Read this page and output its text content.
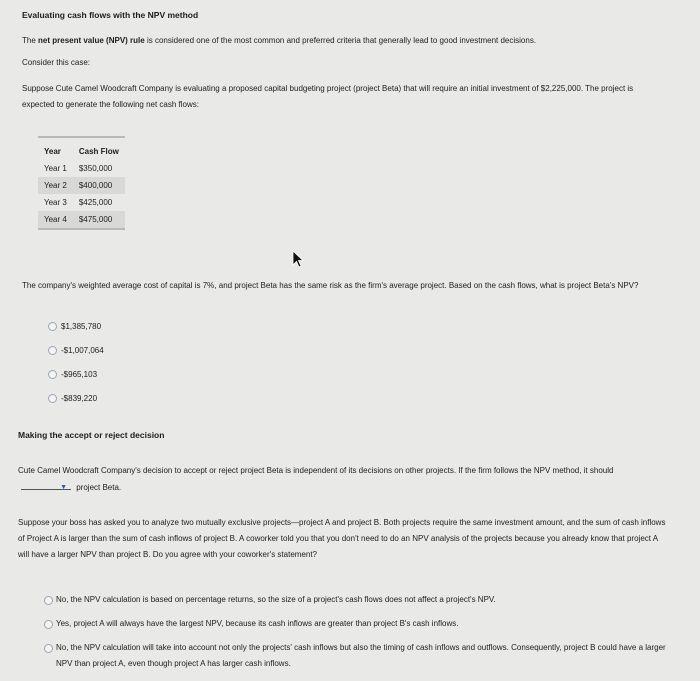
Evaluating cash flows with the NPV method
The net present value (NPV) rule is considered one of the most common and preferred criteria that generally lead to good investment decisions.
Consider this case:
Suppose Cute Camel Woodcraft Company is evaluating a proposed capital budgeting project (project Beta) that will require an initial investment of $2,225,000. The project is expected to generate the following net cash flows:
Year	Cash Flow
Year 1	$350,000
Year 2	$400,000
Year 3	$425,000
Year 4	$475,000
The company's weighted average cost of capital is 7%, and project Beta has the same risk as the firm's average project. Based on the cash flows, what is project Beta's NPV?
$1,385,780
-$1,007,064
-$965,103
-$839,220
Making the accept or reject decision
Cute Camel Woodcraft Company's decision to accept or reject project Beta is independent of its decisions on other projects. If the firm follows the NPV method, it should
▼ project Beta.
Suppose your boss has asked you to analyze two mutually exclusive projects—project A and project B. Both projects require the same investment amount, and the sum of cash inflows of Project A is larger than the sum of cash inflows of project B. A coworker told you that you don't need to do an NPV analysis of the projects because you already know that project A will have a larger NPV than project B. Do you agree with your coworker's statement?
No, the NPV calculation is based on percentage returns, so the size of a project's cash flows does not affect a project's NPV.
Yes, project A will always have the largest NPV, because its cash inflows are greater than project B's cash inflows.
No, the NPV calculation will take into account not only the projects' cash inflows but also the timing of cash inflows and outflows. Consequently, project B could have a larger NPV than project A, even though project A has larger cash inflows.
